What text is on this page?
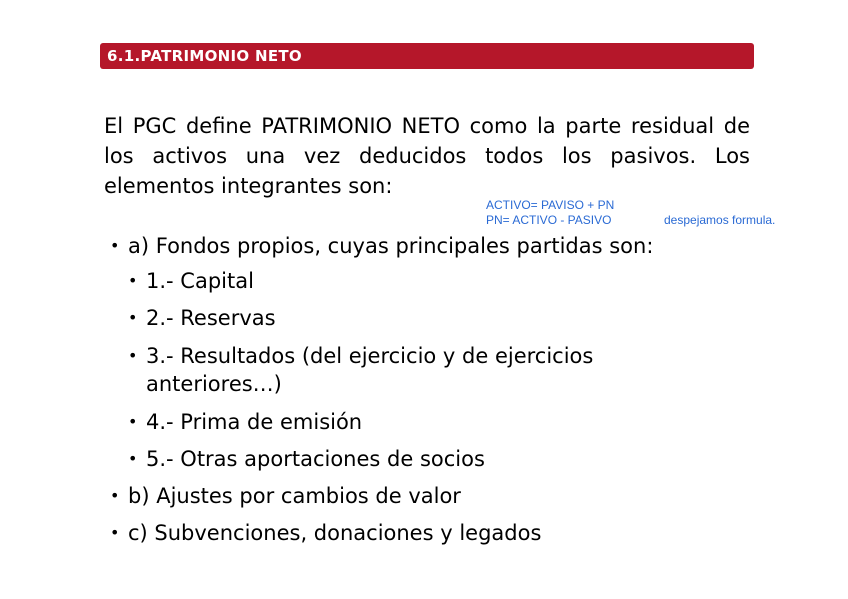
6.1.PATRIMONIO NETO
El PGC define PATRIMONIO NETO como la parte residual de los activos una vez deducidos todos los pasivos. Los elementos integrantes son:
ACTIVO= PAVISO + PN
PN= ACTIVO - PASIVO	despejamos formula.
• a) Fondos propios, cuyas principales partidas son:
• 1.- Capital
• 2.- Reservas
• 3.- Resultados (del ejercicio y de ejercicios
anteriores…)
• 4.- Prima de emisión
• 5.- Otras aportaciones de socios
• b) Ajustes por cambios de valor
• c) Subvenciones, donaciones y legados
